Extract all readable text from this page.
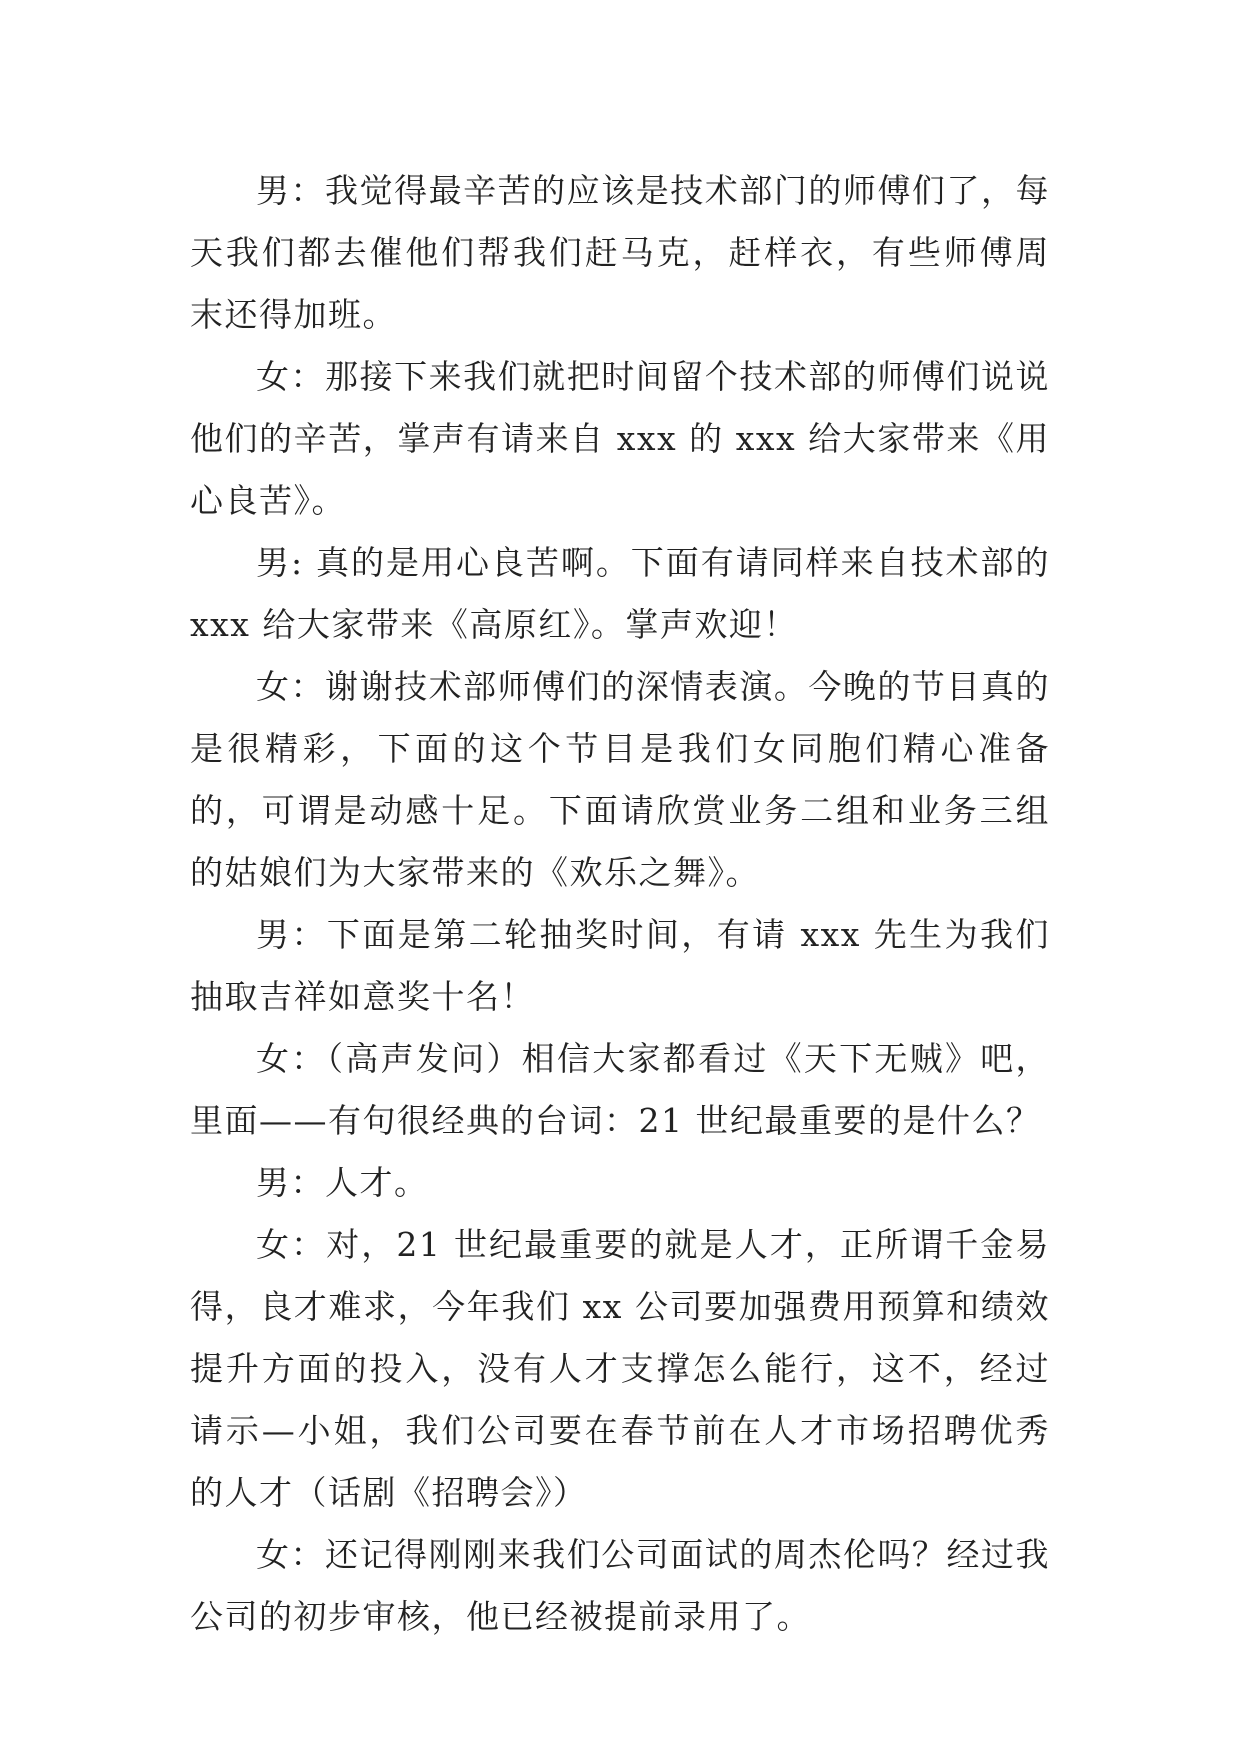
男：我觉得最辛苦的应该是技术部门的师傅们了，每天我们都去催他们帮我们赶马克，赶样衣，有些师傅周末还得加班。

女：那接下来我们就把时间留个技术部的师傅们说说他们的辛苦，掌声有请来自 xxx 的 xxx 给大家带来《用心良苦》。

男: 真的是用心良苦啊。下面有请同样来自技术部的 xxx 给大家带来《高原红》。掌声欢迎！

女：谢谢技术部师傅们的深情表演。今晚的节目真的是很精彩，下面的这个节目是我们女同胞们精心准备的，可谓是动感十足。下面请欣赏业务二组和业务三组的姑娘们为大家带来的《欢乐之舞》。

男：下面是第二轮抽奖时间，有请 xxx 先生为我们抽取吉祥如意奖十名！

女：（高声发问）相信大家都看过《天下无贼》吧，里面——有句很经典的台词：21 世纪最重要的是什么？

男：人才。

女：对，21 世纪最重要的就是人才，正所谓千金易得，良才难求，今年我们 xx 公司要加强费用预算和绩效提升方面的投入，没有人才支撑怎么能行，这不，经过请示—小姐，我们公司要在春节前在人才市场招聘优秀的人才（话剧《招聘会》）

女：还记得刚刚来我们公司面试的周杰伦吗？经过我公司的初步审核，他已经被提前录用了。
